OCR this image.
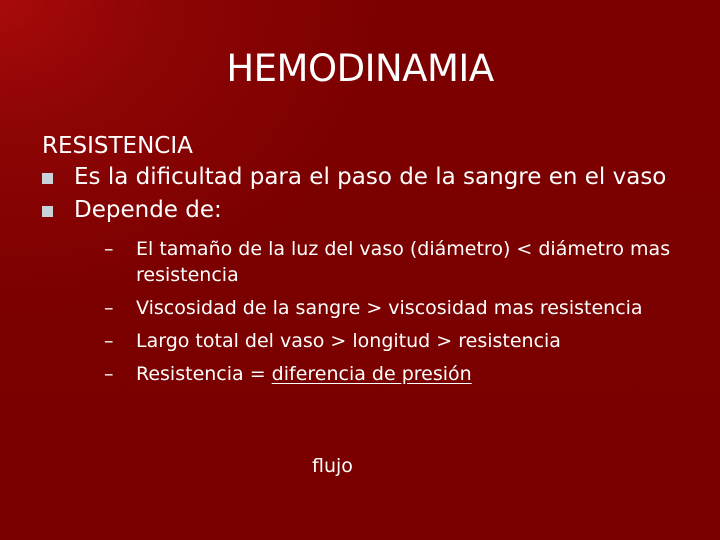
HEMODINAMIA

RESISTENCIA

Es la dificultad para el paso de la sangre en el vaso
Depende de:
– El tamaño de la luz del vaso (diámetro) < diámetro mas resistencia
– Viscosidad de la sangre > viscosidad mas resistencia
– Largo total del vaso > longitud > resistencia
– Resistencia = diferencia de presión
flujo
